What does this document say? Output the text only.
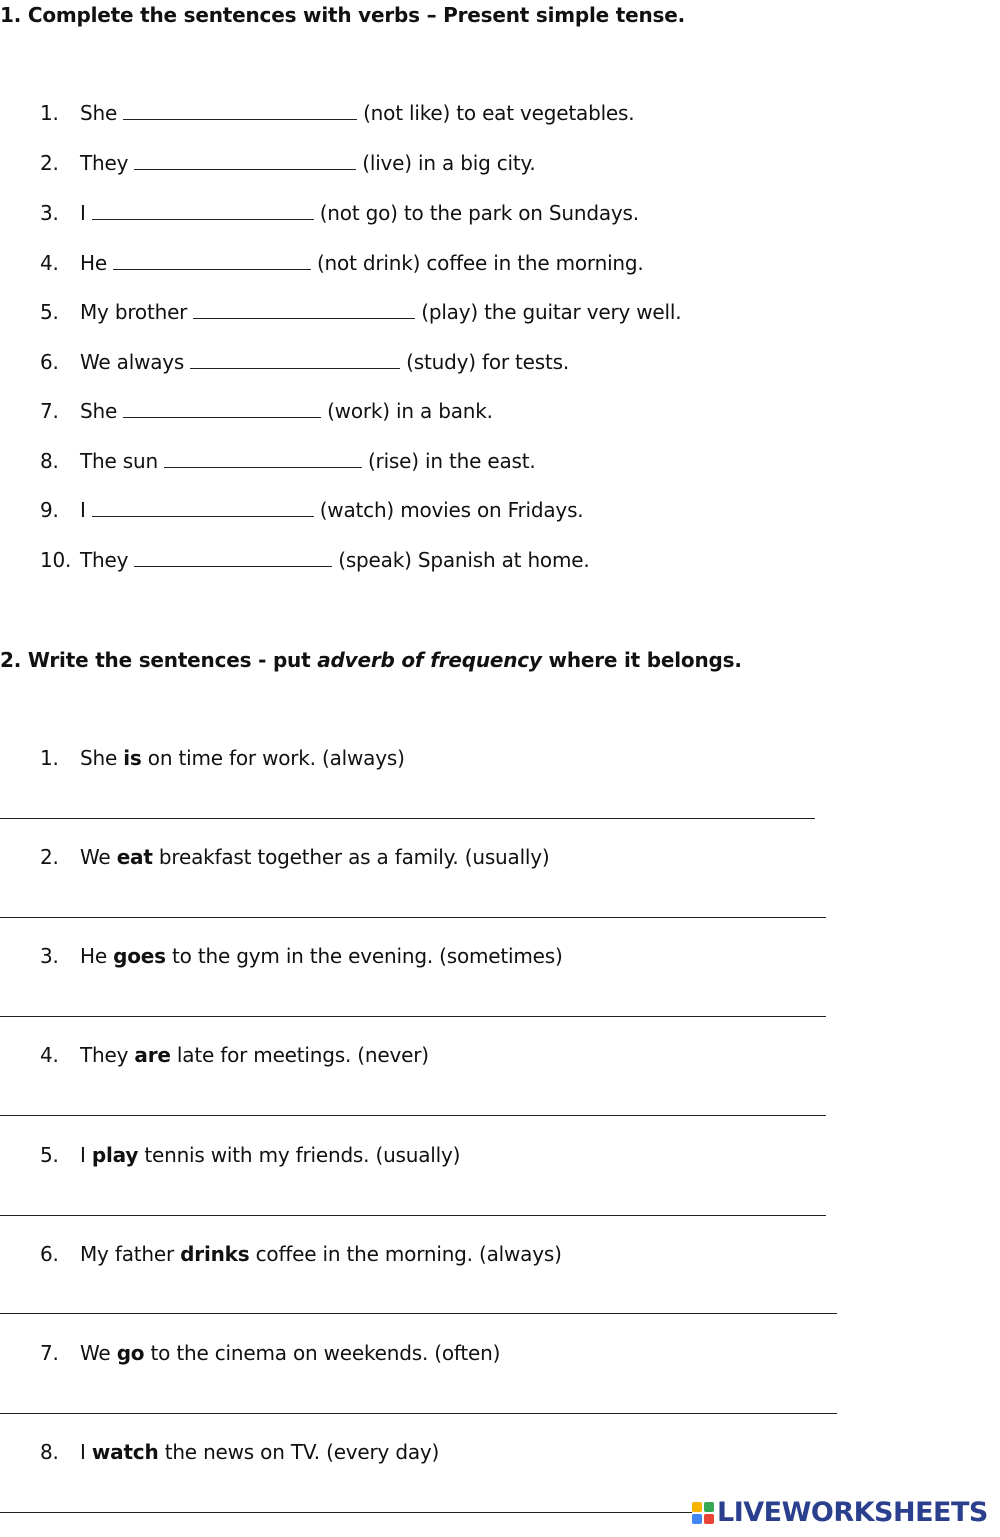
1. Complete the sentences with verbs – Present simple tense.
1. She	(not like) to eat vegetables.
2. They	(live) in a big city.
3. I	(not go) to the park on Sundays.
4. He	(not drink) coffee in the morning.
5. My brother	(play) the guitar very well.
6. We always	(study) for tests.
7. She	(work) in a bank.
8. The sun	(rise) in the east.
9. I	(watch) movies on Fridays.
10. They	(speak) Spanish at home.
2. Write the sentences - put adverb of frequency where it belongs.
1. She
is
on time for work. (always)
2. We
eat
breakfast together as a family. (usually)
3. He
goes
to the gym in the evening. (sometimes)
4. They
are
late for meetings. (never)
5. I
play
tennis with my friends. (usually)
6. My father
drinks
coffee in the morning. (always)
7. We
go
to the cinema on weekends. (often)
8. I
watch
the news on TV. (every day)
LIVEWORKSHEETS
